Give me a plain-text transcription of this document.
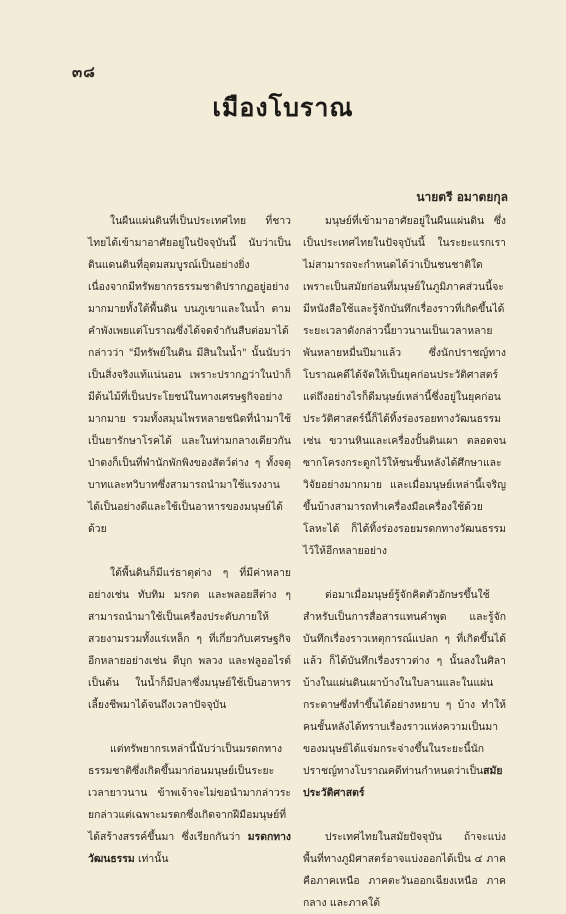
๓๘
เมืองโบราณ
นายตรี อมาตยกุล

ในผืนแผ่นดินที่เป็นประเทศไทย ที่ชาวไทยได้เข้ามาอาศัยอยู่ในปัจจุบันนี้ นับว่าเป็นดินแดนดินที่อุดมสมบูรณ์เป็นอย่างยิ่ง เนื่องจากมีทรัพยากรธรรมชาติปรากฏอยู่อย่างมากมายทั้งใต้พื้นดิน บนภูเขาและในน้ำ ตามคำพังเพยแต่โบราณซึ่งได้จดจำกันสืบต่อมาได้กล่าวว่า "มีทรัพย์ในดิน มีสินในน้ำ" นั้นนับว่าเป็นสิ่งจริงแท้แน่นอน เพราะปรากฏว่าในป่าก็มีต้นไม้ที่เป็นประโยชน์ในทางเศรษฐกิจอย่างมากมาย รวมทั้งสมุนไพรหลายชนิดที่นำมาใช้เป็นยารักษาโรคได้ และในท่ามกลางเดียวกันป่าดงก็เป็นที่พำนักพักพิงของสัตว์ต่าง ๆ ทั้งจตุบาทและทวิบาทซึ่งสามารถนำมาใช้แรงงานได้เป็นอย่างดีและใช้เป็นอาหารของมนุษย์ได้ด้วย

ใต้พื้นดินก็มีแร่ธาตุต่าง ๆ ที่มีค่าหลายอย่างเช่น ทับทิม มรกต และพลอยสีต่าง ๆ สามารถนำมาใช้เป็นเครื่องประดับภายให้สวยงามรวมทั้งแร่เหล็ก ๆ ที่เกี่ยวกับเศรษฐกิจอีกหลายอย่างเช่น ดีบุก พลวง และฟลูออไรต์ เป็นต้น ในน้ำก็มีปลาซึ่งมนุษย์ใช้เป็นอาหารเลี้ยงชีพมาได้จนถึงเวลาปัจจุบัน

แต่ทรัพยากรเหล่านี้นับว่าเป็นมรดกทางธรรมชาติซึ่งเกิดขึ้นมาก่อนมนุษย์เป็นระยะเวลายาวนาน ข้าพเจ้าจะไม่ขอนำมากล่าวระยกล่าวแต่เฉพาะมรดกซึ่งเกิดจากฝีมือมนุษย์ที่ได้สร้างสรรค์ขึ้นมา ซึ่งเรียกกันว่า มรดกทางวัฒนธรรม เท่านั้น

มนุษย์ที่เข้ามาอาศัยอยู่ในผืนแผ่นดิน ซึ่งเป็นประเทศไทยในปัจจุบันนี้ ในระยะแรกเราไม่สามารถจะกำหนดได้ว่าเป็นชนชาติใด เพราะเป็นสมัยก่อนที่มนุษย์ในภูมิภาคส่วนนี้จะมีหนังสือใช้และรู้จักบันทึกเรื่องราวที่เกิดขึ้นได้ ระยะเวลาดังกล่าวนี้ยาวนานเป็นเวลาหลายพันหลายหมื่นปีมาแล้ว ซึ่งนักปราชญ์ทางโบราณคดีได้จัดให้เป็นยุคก่อนประวัติศาสตร์ แต่ถึงอย่างไรก็ดีมนุษย์เหล่านี้ซึ่งอยู่ในยุคก่อนประวัติศาสตร์นี้ก็ได้ทิ้งร่องรอยทางวัฒนธรรมเช่น ขวานหินและเครื่องปั้นดินเผา ตลอดจนซากโครงกระดูกไว้ให้ชนชั้นหลังได้ศึกษาและวิจัยอย่างมากมาย และเมื่อมนุษย์เหล่านี้เจริญขึ้นบ้างสามารถทำเครื่องมือเครื่องใช้ด้วยโลหะได้ ก็ได้ทิ้งร่องรอยมรดกทางวัฒนธรรมไว้ให้อีกหลายอย่าง

ต่อมาเมื่อมนุษย์รู้จักคิดตัวอักษรขึ้นใช้สำหรับเป็นการสื่อสารแทนคำพูด และรู้จักบันทึกเรื่องราวเหตุการณ์แปลก ๆ ที่เกิดขึ้นได้แล้ว ก็ได้บันทึกเรื่องราวต่าง ๆ นั้นลงในศิลาบ้างในแผ่นดินเผาบ้างในใบลานและในแผ่นกระดาษซึ่งทำขึ้นได้อย่างหยาบ ๆ บ้าง ทำให้คนชั้นหลังได้ทราบเรื่องราวแห่งความเป็นมาของมนุษย์ได้แจ่มกระจ่างขึ้นในระยะนี้นักปราชญ์ทางโบราณคดีท่านกำหนดว่าเป็นสมัยประวัติศาสตร์

ประเทศไทยในสมัยปัจจุบัน ถ้าจะแบ่งพื้นที่ทางภูมิศาสตร์อาจแบ่งออกได้เป็น ๔ ภาค คือภาคเหนือ ภาคตะวันออกเฉียงเหนือ ภาคกลาง และภาคใต้
